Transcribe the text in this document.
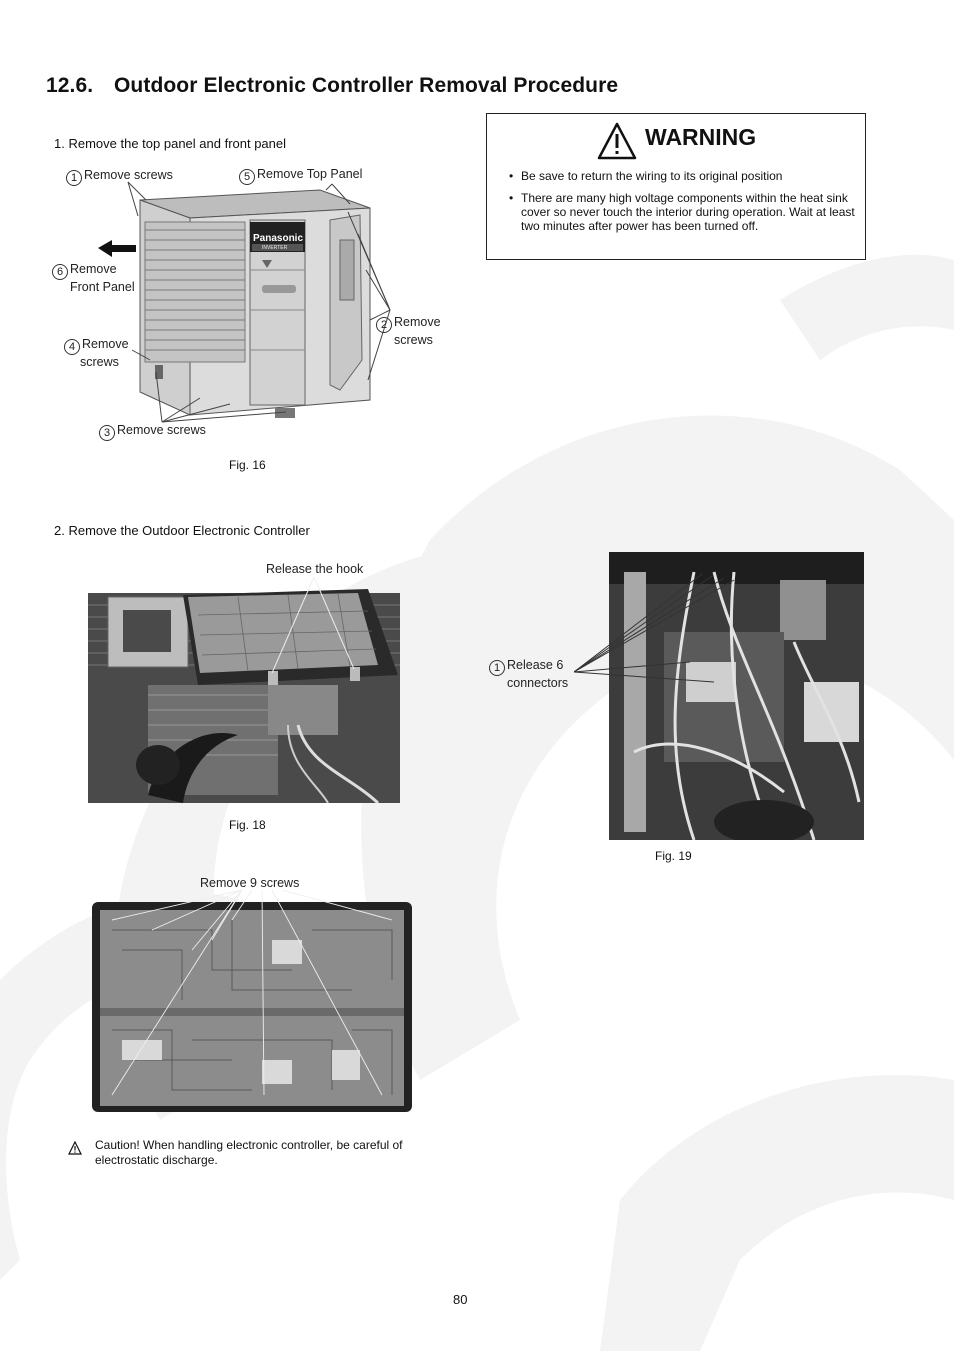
12.6. Outdoor Electronic Controller Removal Procedure
1. Remove the top panel and front panel	WARNING
• Be save to return the wiring to its original position
• There are many high voltage components within the heat sink cover so never touch the interior during operation. Wait at least two minutes after power has been turned off.
Panasonic
INVERTER
1 Remove screws	5 Remove Top Panel
6 Remove
Front Panel
2 Remove
screws
4 Remove
screws
3 Remove screws
Fig. 16
2. Remove the Outdoor Electronic Controller
Release the hook
Fig. 18
1 Release 6
connectors
Fig. 19
Remove 9 screws
Caution! When handling electronic controller, be careful of electrostatic discharge.
80
